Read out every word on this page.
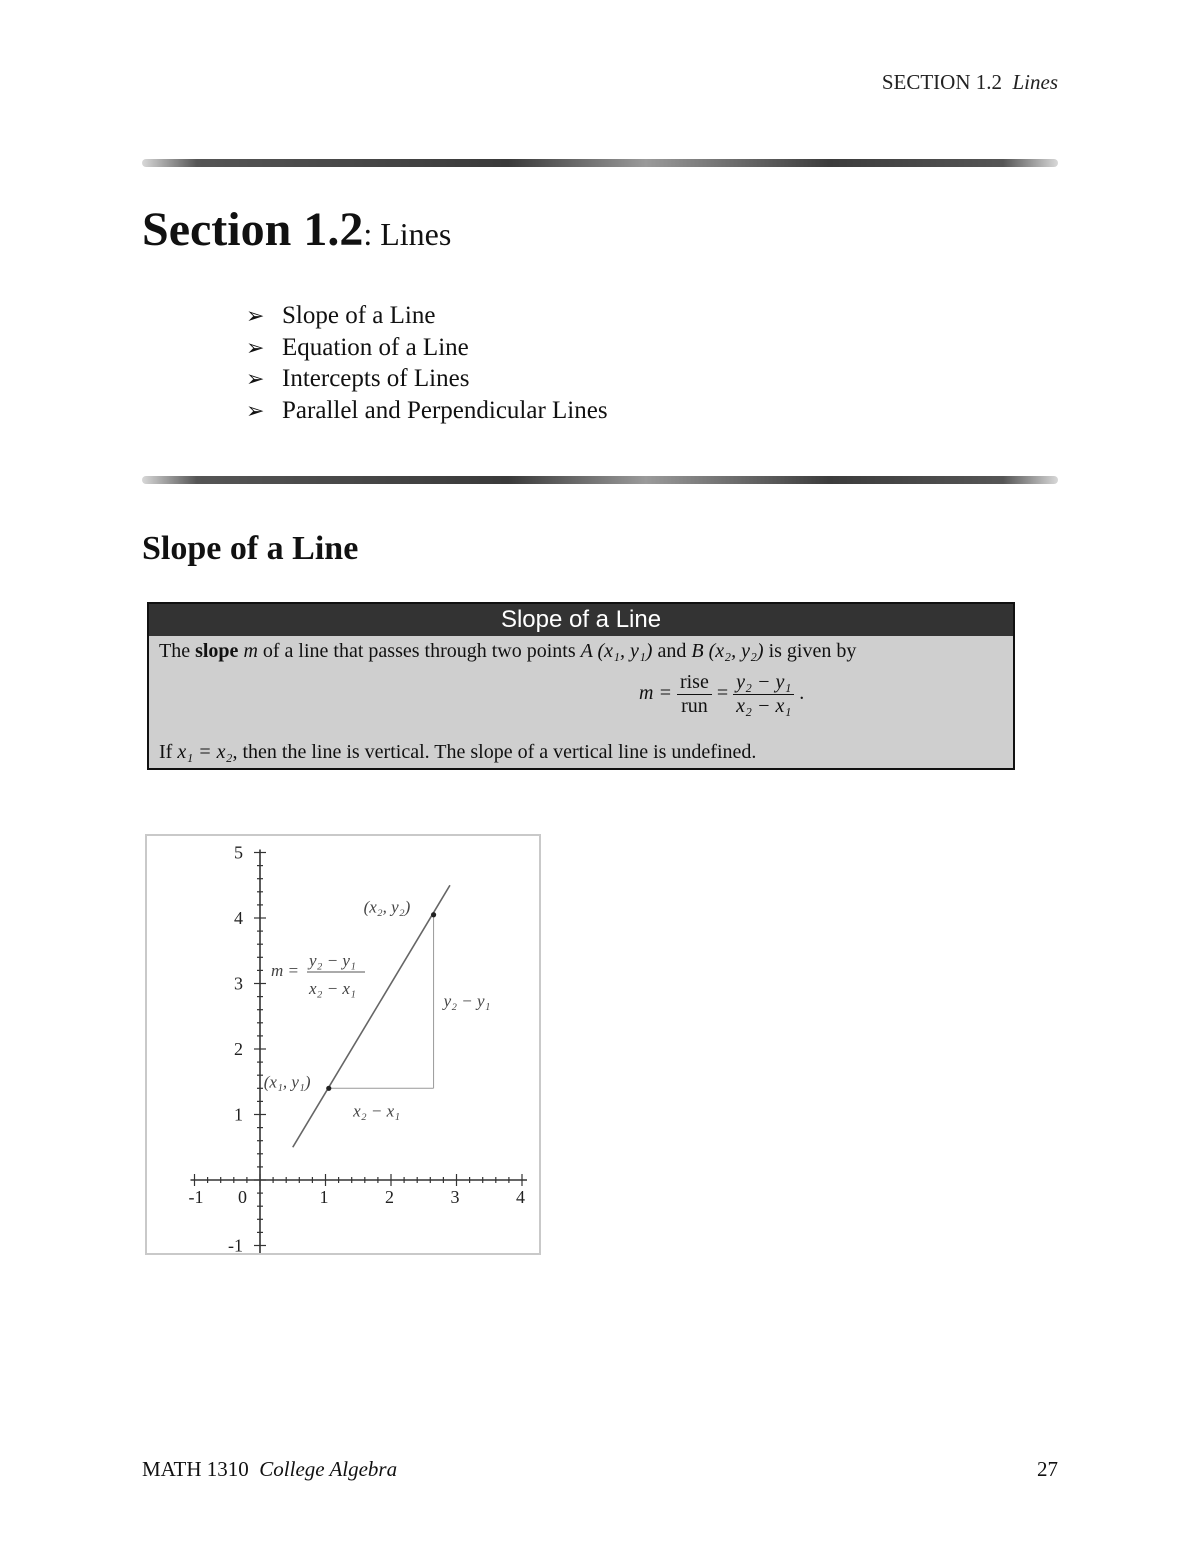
SECTION 1.2 Lines
Section 1.2: Lines
➢ Slope of a Line
➢ Equation of a Line
➢ Intercepts of Lines
➢ Parallel and Perpendicular Lines
Slope of a Line
Slope of a Line
The slope m of a line that passes through two points A (x₁, y₁) and B (x₂, y₂) is given by
$m = \frac{\text{rise}}{\text{run}} = \frac{\text{y₂ − y₁}}{\text{x₂ − x₁}}$ .
If x₁ = x₂, then the line is vertical. The slope of a vertical line is undefined.
-1 0	1	2	3	4
-1
1
2
3
4
5
(x₁, y₁)
(x₂, y₂)
m =
y₂ − y₁
x₂ − x₁
y₂ − y₁
x₂ − x₁
MATH 1310 College Algebra	27
